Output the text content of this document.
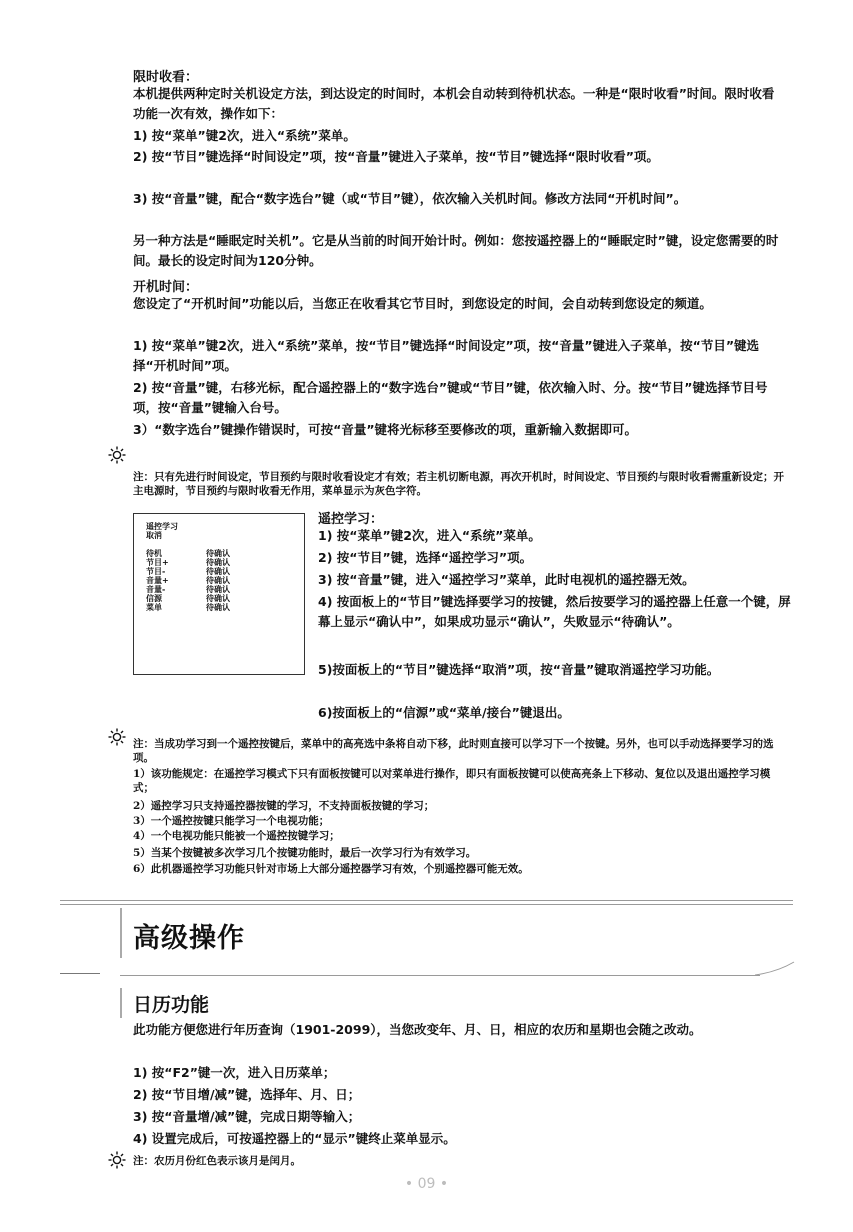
限时收看：

本机提供两种定时关机设定方法，到达设定的时间时，本机会自动转到待机状态。一种是“限时收看”时间。限时收看功能一次有效，操作如下：

1) 按“菜单”键2次，进入“系统”菜单。

2) 按“节目”键选择“时间设定”项，按“音量”键进入子菜单，按“节目”键选择“限时收看”项。

3) 按“音量”键，配合“数字选台”键（或“节目”键），依次输入关机时间。修改方法同“开机时间”。

另一种方法是“睡眠定时关机”。它是从当前的时间开始计时。例如：您按遥控器上的“睡眠定时”键，设定您需要的时间。最长的设定时间为120分钟。

开机时间：

您设定了“开机时间”功能以后，当您正在收看其它节目时，到您设定的时间，会自动转到您设定的频道。

1) 按“菜单”键2次，进入“系统”菜单，按“节目”键选择“时间设定”项，按“音量”键进入子菜单，按“节目”键选择“开机时间”项。

2) 按“音量”键，右移光标，配合遥控器上的“数字选台”键或“节目”键，依次输入时、分。按“节目”键选择节目号项，按“音量”键输入台号。

3）“数字选台”键操作错误时，可按“音量”键将光标移至要修改的项，重新输入数据即可。

注：只有先进行时间设定，节目预约与限时收看设定才有效；若主机切断电源，再次开机时，时间设定、节目预约与限时收看需重新设定；开主电源时，节目预约与限时收看无作用，菜单显示为灰色字符。

遥控学习
取消
待机	待确认
节目+	待确认
节目-	待确认
音量+	待确认
音量-	待确认
信源	待确认
菜单	待确认
遥控学习：

1) 按“菜单”键2次，进入“系统”菜单。

2) 按“节目”键，选择“遥控学习”项。

3) 按“音量”键，进入“遥控学习”菜单，此时电视机的遥控器无效。

4) 按面板上的“节目”键选择要学习的按键，然后按要学习的遥控器上任意一个键，屏幕上显示“确认中”，如果成功显示“确认”，失败显示“待确认”。

5)按面板上的“节目”键选择“取消”项，按“音量”键取消遥控学习功能。

6)按面板上的“信源”或“菜单/接台”键退出。

注：当成功学习到一个遥控按键后，菜单中的高亮选中条将自动下移，此时则直接可以学习下一个按键。另外，也可以手动选择要学习的选项。

1）该功能规定：在遥控学习模式下只有面板按键可以对菜单进行操作，即只有面板按键可以使高亮条上下移动、复位以及退出遥控学习模式；

2）遥控学习只支持遥控器按键的学习，不支持面板按键的学习；

3）一个遥控按键只能学习一个电视功能；

4）一个电视功能只能被一个遥控按键学习；

5）当某个按键被多次学习几个按键功能时，最后一次学习行为有效学习。

6）此机器遥控学习功能只针对市场上大部分遥控器学习有效，个别遥控器可能无效。

高级操作
日历功能

此功能方便您进行年历查询（1901-2099），当您改变年、月、日，相应的农历和星期也会随之改动。

1) 按“F2”键一次，进入日历菜单；

2) 按“节目增/减”键，选择年、月、日；

3) 按“音量增/减”键，完成日期等输入；

4) 设置完成后，可按遥控器上的“显示”键终止菜单显示。

注：农历月份红色表示该月是闰月。
• 09 •
